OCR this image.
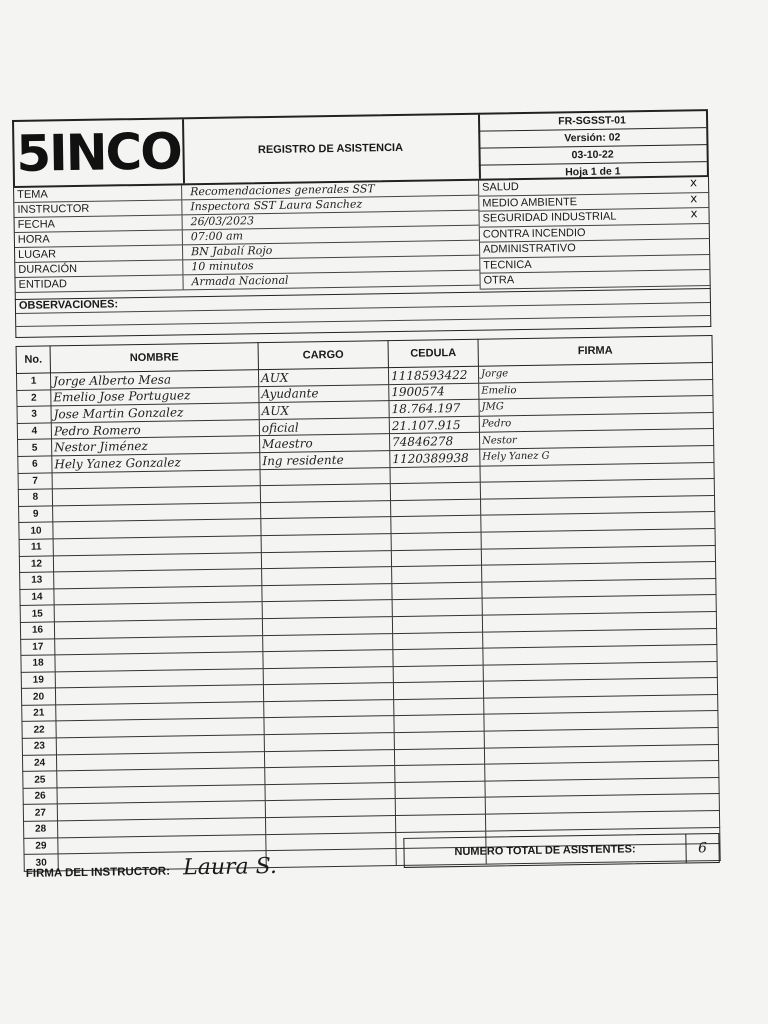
5INCO	REGISTRO DE ASISTENCIA
FR-SGSST-01
Versión: 02
03-10-22
Hoja 1 de 1
TEMA	Recomendaciones generales SST
INSTRUCTOR	Inspectora SST Laura Sanchez
FECHA	26/03/2023
HORA	07:00 am
LUGAR	BN Jabalí Rojo
DURACIÓN	10 minutos
ENTIDAD	Armada Nacional
SALUD	x
MEDIO AMBIENTE	x
SEGURIDAD INDUSTRIAL	x
CONTRA INCENDIO
ADMINISTRATIVO
TECNICA
OTRA
OBSERVACIONES:
No.	NOMBRE	CARGO	CEDULA	FIRMA
1	Jorge Alberto Mesa	AUX	1118593422	Jorge
2	Emelio Jose Portuguez	Ayudante	1900574	Emelio
3	Jose Martin Gonzalez	AUX	18.764.197	JMG
4	Pedro Romero	oficial	21.107.915	Pedro
5	Nestor Jiménez	Maestro	74846278	Nestor
6	Hely Yanez Gonzalez	Ing residente	1120389938	Hely Yanez G
7				
8				
9				
10				
11				
12				
13				
14				
15				
16				
17				
18				
19				
20				
21				
22				
23				
24				
25				
26				
27				
28				
29				
30				
NUMERO TOTAL DE ASISTENTES:	6
FIRMA DEL INSTRUCTOR: Laura S.
